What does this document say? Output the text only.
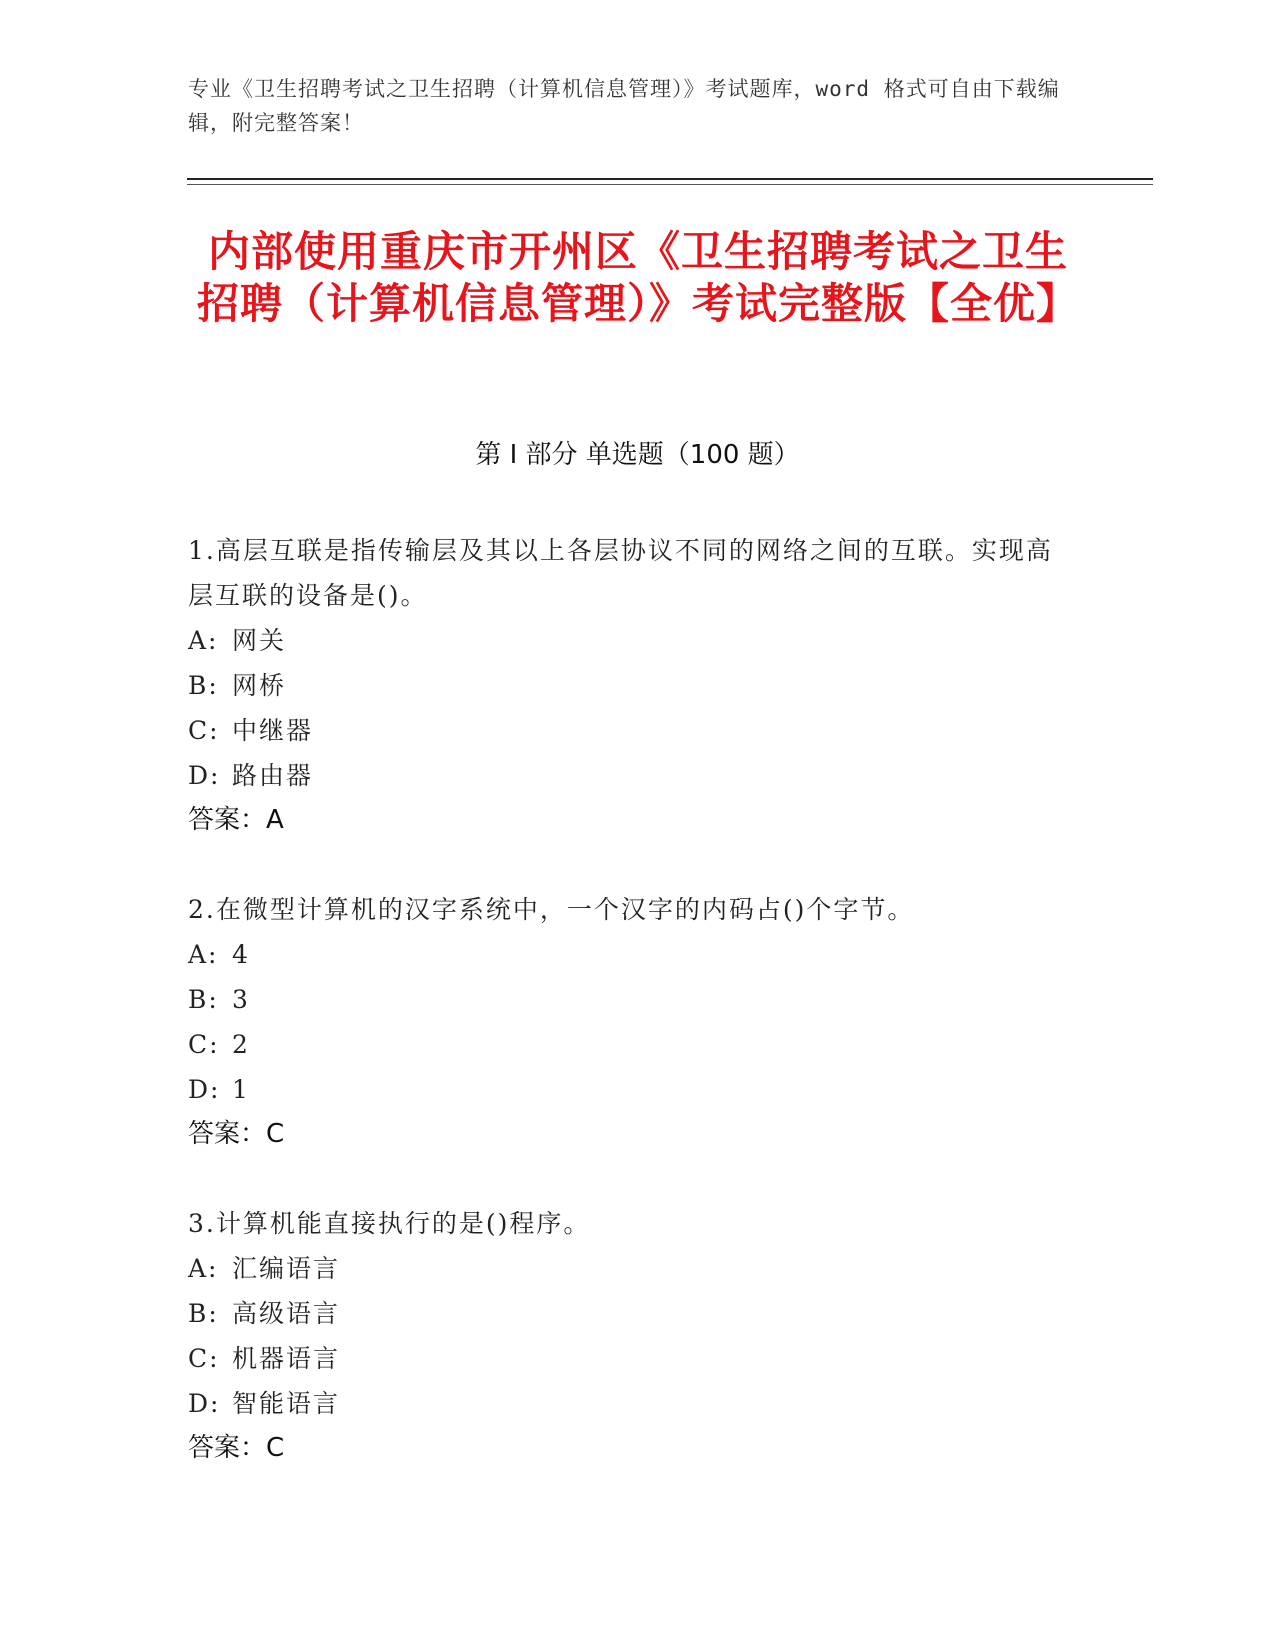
专业《卫生招聘考试之卫生招聘（计算机信息管理）》考试题库，word 格式可自由下载编辑，附完整答案！
内部使用重庆市开州区《卫生招聘考试之卫生招聘（计算机信息管理）》考试完整版【全优】
第 I 部分 单选题（100 题）
1.高层互联是指传输层及其以上各层协议不同的网络之间的互联。实现高层互联的设备是()。
A: 网关
B: 网桥
C: 中继器
D: 路由器
答案：A
2.在微型计算机的汉字系统中，一个汉字的内码占()个字节。
A: 4
B: 3
C: 2
D: 1
答案：C
3.计算机能直接执行的是()程序。
A: 汇编语言
B: 高级语言
C: 机器语言
D: 智能语言
答案：C
